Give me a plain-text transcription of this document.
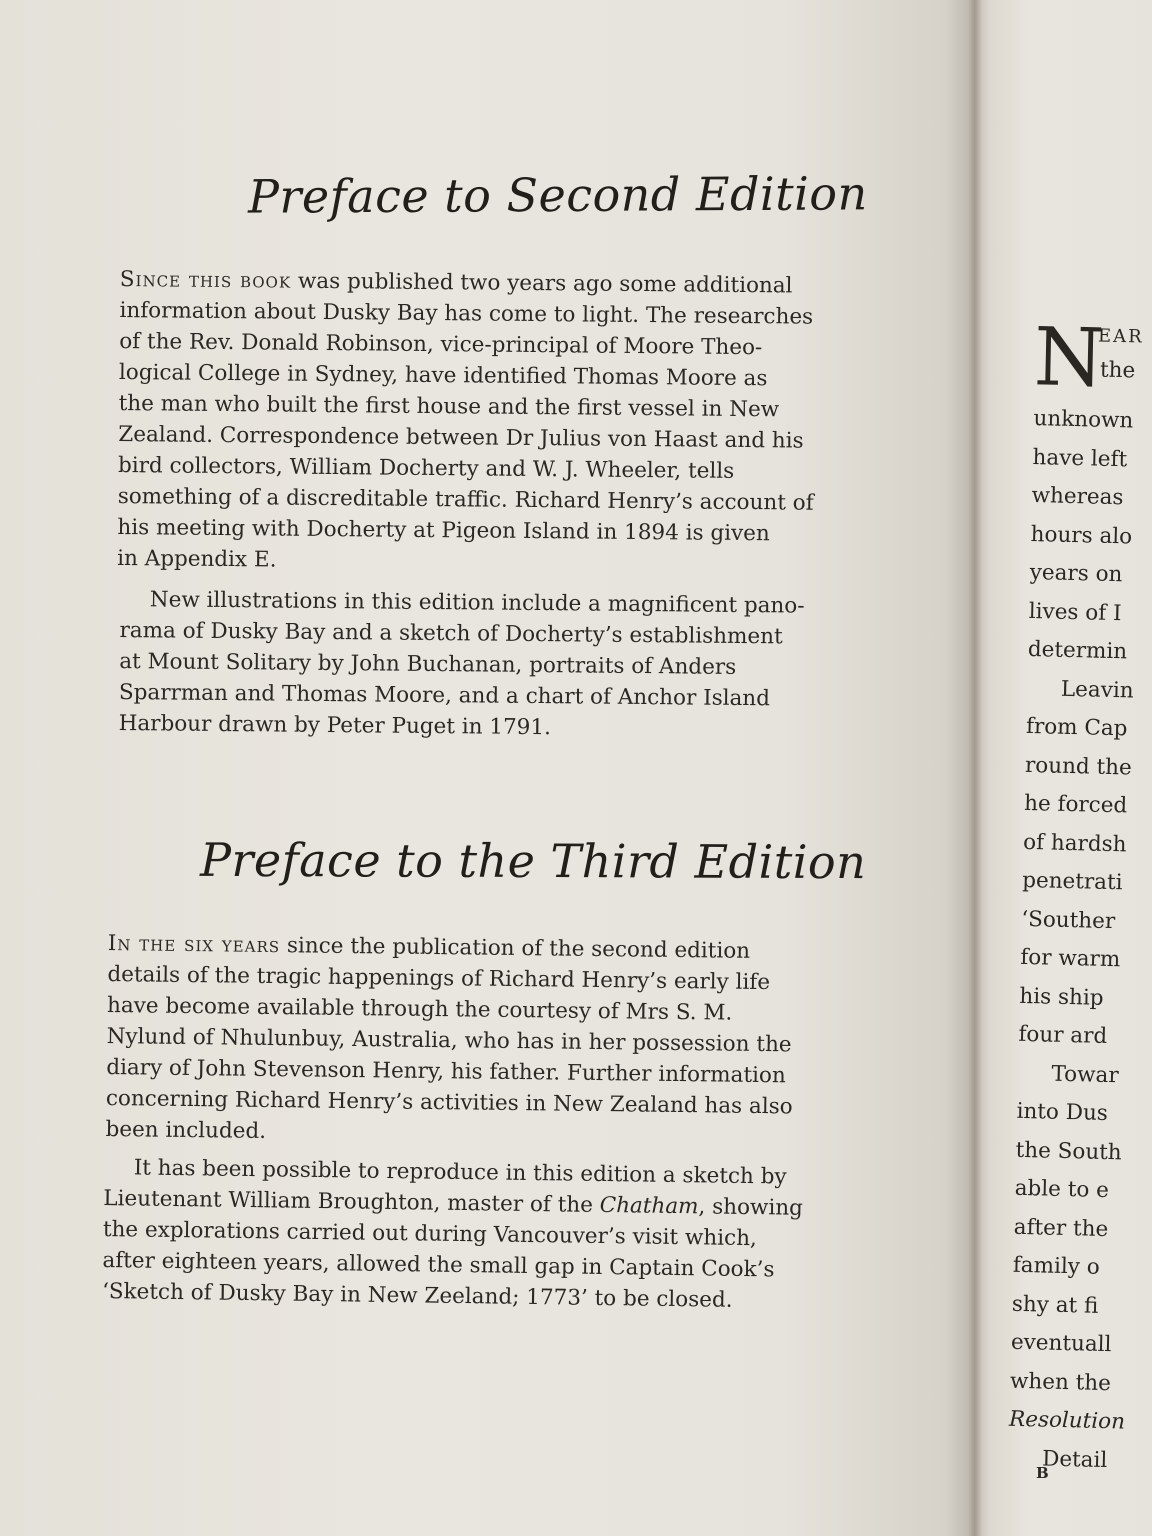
Preface to Second Edition
Since this book was published two years ago some additional
information about Dusky Bay has come to light. The researches
of the Rev. Donald Robinson, vice-principal of Moore Theo-
logical College in Sydney, have identified Thomas Moore as
the man who built the first house and the first vessel in New
Zealand. Correspondence between Dr Julius von Haast and his
bird collectors, William Docherty and W. J. Wheeler, tells
something of a discreditable traffic. Richard Henry’s account of
his meeting with Docherty at Pigeon Island in 1894 is given
in Appendix E.
New illustrations in this edition include a magnificent pano-
rama of Dusky Bay and a sketch of Docherty’s establishment
at Mount Solitary by John Buchanan, portraits of Anders
Sparrman and Thomas Moore, and a chart of Anchor Island
Harbour drawn by Peter Puget in 1791.
Preface to the Third Edition
In the six years since the publication of the second edition
details of the tragic happenings of Richard Henry’s early life
have become available through the courtesy of Mrs S. M.
Nylund of Nhulunbuy, Australia, who has in her possession the
diary of John Stevenson Henry, his father. Further information
concerning Richard Henry’s activities in New Zealand has also
been included.
It has been possible to reproduce in this edition a sketch by
Lieutenant William Broughton, master of the Chatham, showing
the explorations carried out during Vancouver’s visit which,
after eighteen years, allowed the small gap in Captain Cook’s
‘Sketch of Dusky Bay in New Zeeland; 1773’ to be closed.
N
EAR
the
unknown
have left
whereas
hours alo
years on
lives of I
determin
Leavin
from Cap
round the
he forced
of hardsh
penetrati
‘Souther
for warm
his ship
four ard
Towar
into Dus
the South
able to e
after the
family o
shy at fi
eventuall
when the
Resolution
Detail
B
